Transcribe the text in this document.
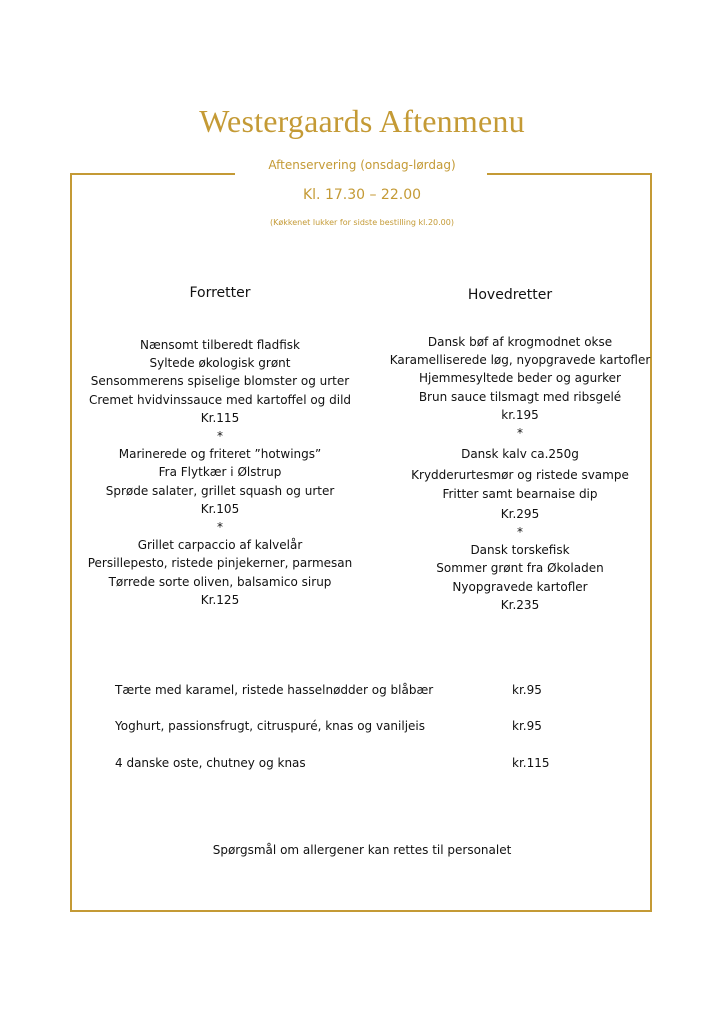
Westergaards Aftenmenu
Aftenservering (onsdag-lørdag)
Kl. 17.30 – 22.00
(Køkkenet lukker for sidste bestilling kl.20.00)
Forretter	Hovedretter
Nænsomt tilberedt fladfisk
Syltede økologisk grønt
Sensommerens spiselige blomster og urter
Cremet hvidvinssauce med kartoffel og dild
Kr.115
*
Marinerede og friteret ”hotwings”
Fra Flytkær i Ølstrup
Sprøde salater, grillet squash og urter
Kr.105
*
Grillet carpaccio af kalvelår
Persillepesto, ristede pinjekerner, parmesan
Tørrede sorte oliven, balsamico sirup
Kr.125
Dansk bøf af krogmodnet okse
Karamelliserede løg, nyopgravede kartofler
Hjemmesyltede beder og agurker
Brun sauce tilsmagt med ribsgelé
kr.195
*
Dansk kalv ca.250g
Krydderurtesmør og ristede svampe
Fritter samt bearnaise dip
Kr.295
*
Dansk torskefisk
Sommer grønt fra Økoladen
Nyopgravede kartofler
Kr.235
Tærte med karamel, ristede hasselnødder og blåbær	kr.95
Yoghurt, passionsfrugt, citruspuré, knas og vaniljeis	kr.95
4 danske oste, chutney og knas	kr.115
Spørgsmål om allergener kan rettes til personalet
